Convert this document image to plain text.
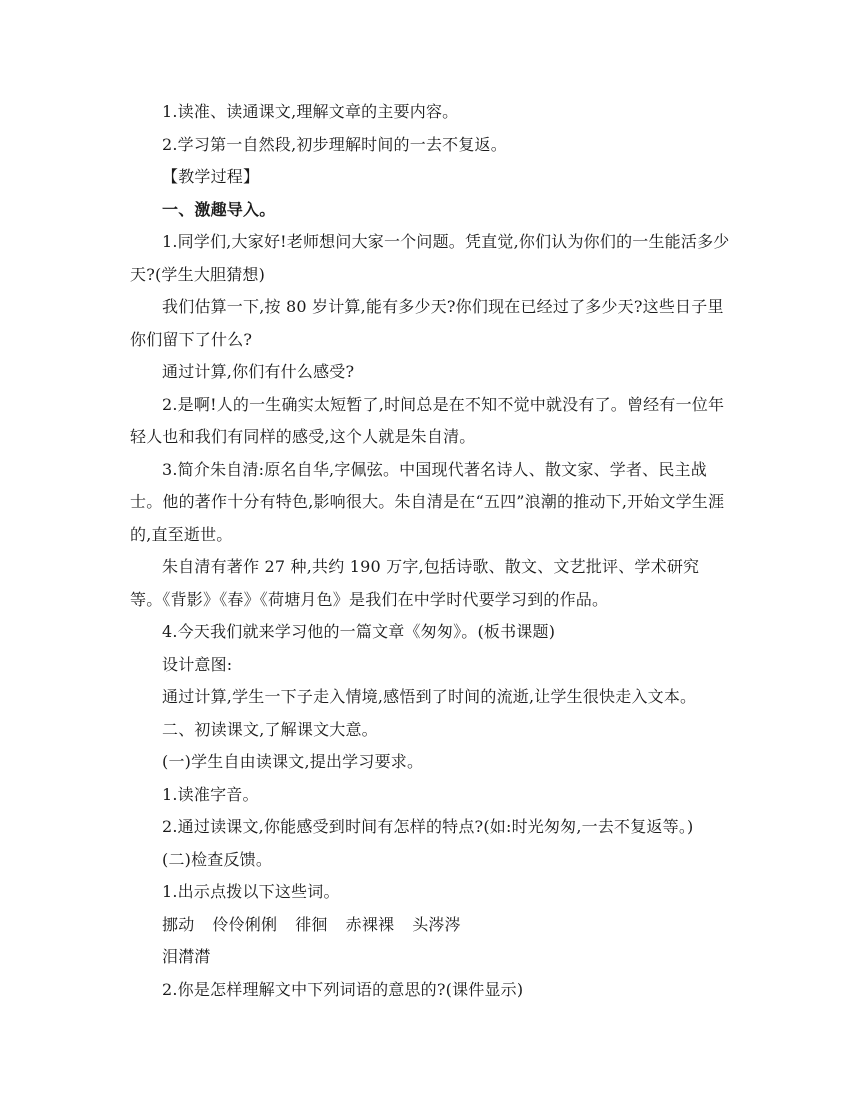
1.读准、读通课文,理解文章的主要内容。

2.学习第一自然段,初步理解时间的一去不复返。

【教学过程】

一、激趣导入。

1.同学们,大家好!老师想问大家一个问题。凭直觉,你们认为你们的一生能活多少天?(学生大胆猜想)

我们估算一下,按 80 岁计算,能有多少天?你们现在已经过了多少天?这些日子里你们留下了什么?

通过计算,你们有什么感受?

2.是啊!人的一生确实太短暂了,时间总是在不知不觉中就没有了。曾经有一位年轻人也和我们有同样的感受,这个人就是朱自清。

3.简介朱自清:原名自华,字佩弦。中国现代著名诗人、散文家、学者、民主战士。他的著作十分有特色,影响很大。朱自清是在“五四”浪潮的推动下,开始文学生涯的,直至逝世。

朱自清有著作 27 种,共约 190 万字,包括诗歌、散文、文艺批评、学术研究等。《背影》《春》《荷塘月色》是我们在中学时代要学习到的作品。

4.今天我们就来学习他的一篇文章《匆匆》。(板书课题)

设计意图:

通过计算,学生一下子走入情境,感悟到了时间的流逝,让学生很快走入文本。

二、初读课文,了解课文大意。

(一)学生自由读课文,提出学习要求。

1.读准字音。

2.通过读课文,你能感受到时间有怎样的特点?(如:时光匆匆,一去不复返等。)

(二)检查反馈。

1.出示点拨以下这些词。

挪动 伶伶俐俐 徘徊 赤裸裸 头涔涔

泪潸潸

2.你是怎样理解文中下列词语的意思的?(课件显示)
